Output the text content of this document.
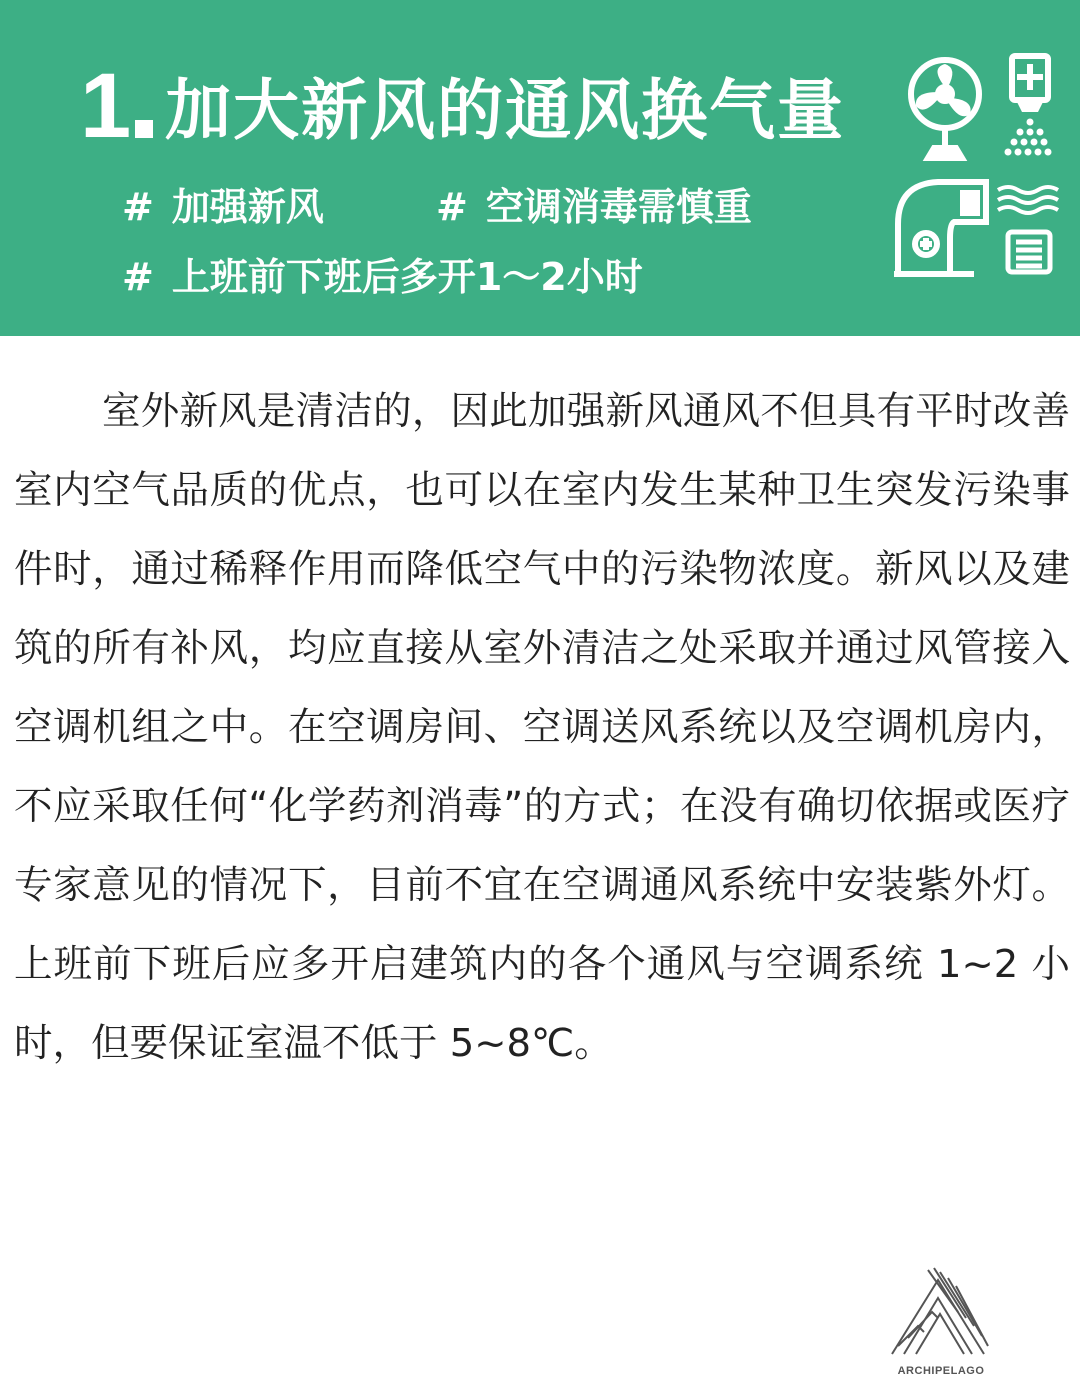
1 加大新风的通风换气量
# 加强新风	# 空调消毒需慎重
# 上班前下班后多开1～2小时

室外新风是清洁的，因此加强新风通风不但具有平时改善室内空气品质的优点，也可以在室内发生某种卫生突发污染事件时，通过稀释作用而降低空气中的污染物浓度。新风以及建筑的所有补风，均应直接从室外清洁之处采取并通过风管接入空调机组之中。在空调房间、空调送风系统以及空调机房内，不应采取任何“化学药剂消毒”的方式；在没有确切依据或医疗专家意见的情况下，目前不宜在空调通风系统中安装紫外灯。上班前下班后应多开启建筑内的各个通风与空调系统 1~2 小时，但要保证室温不低于 5~8℃。

ARCHIPELAGO
